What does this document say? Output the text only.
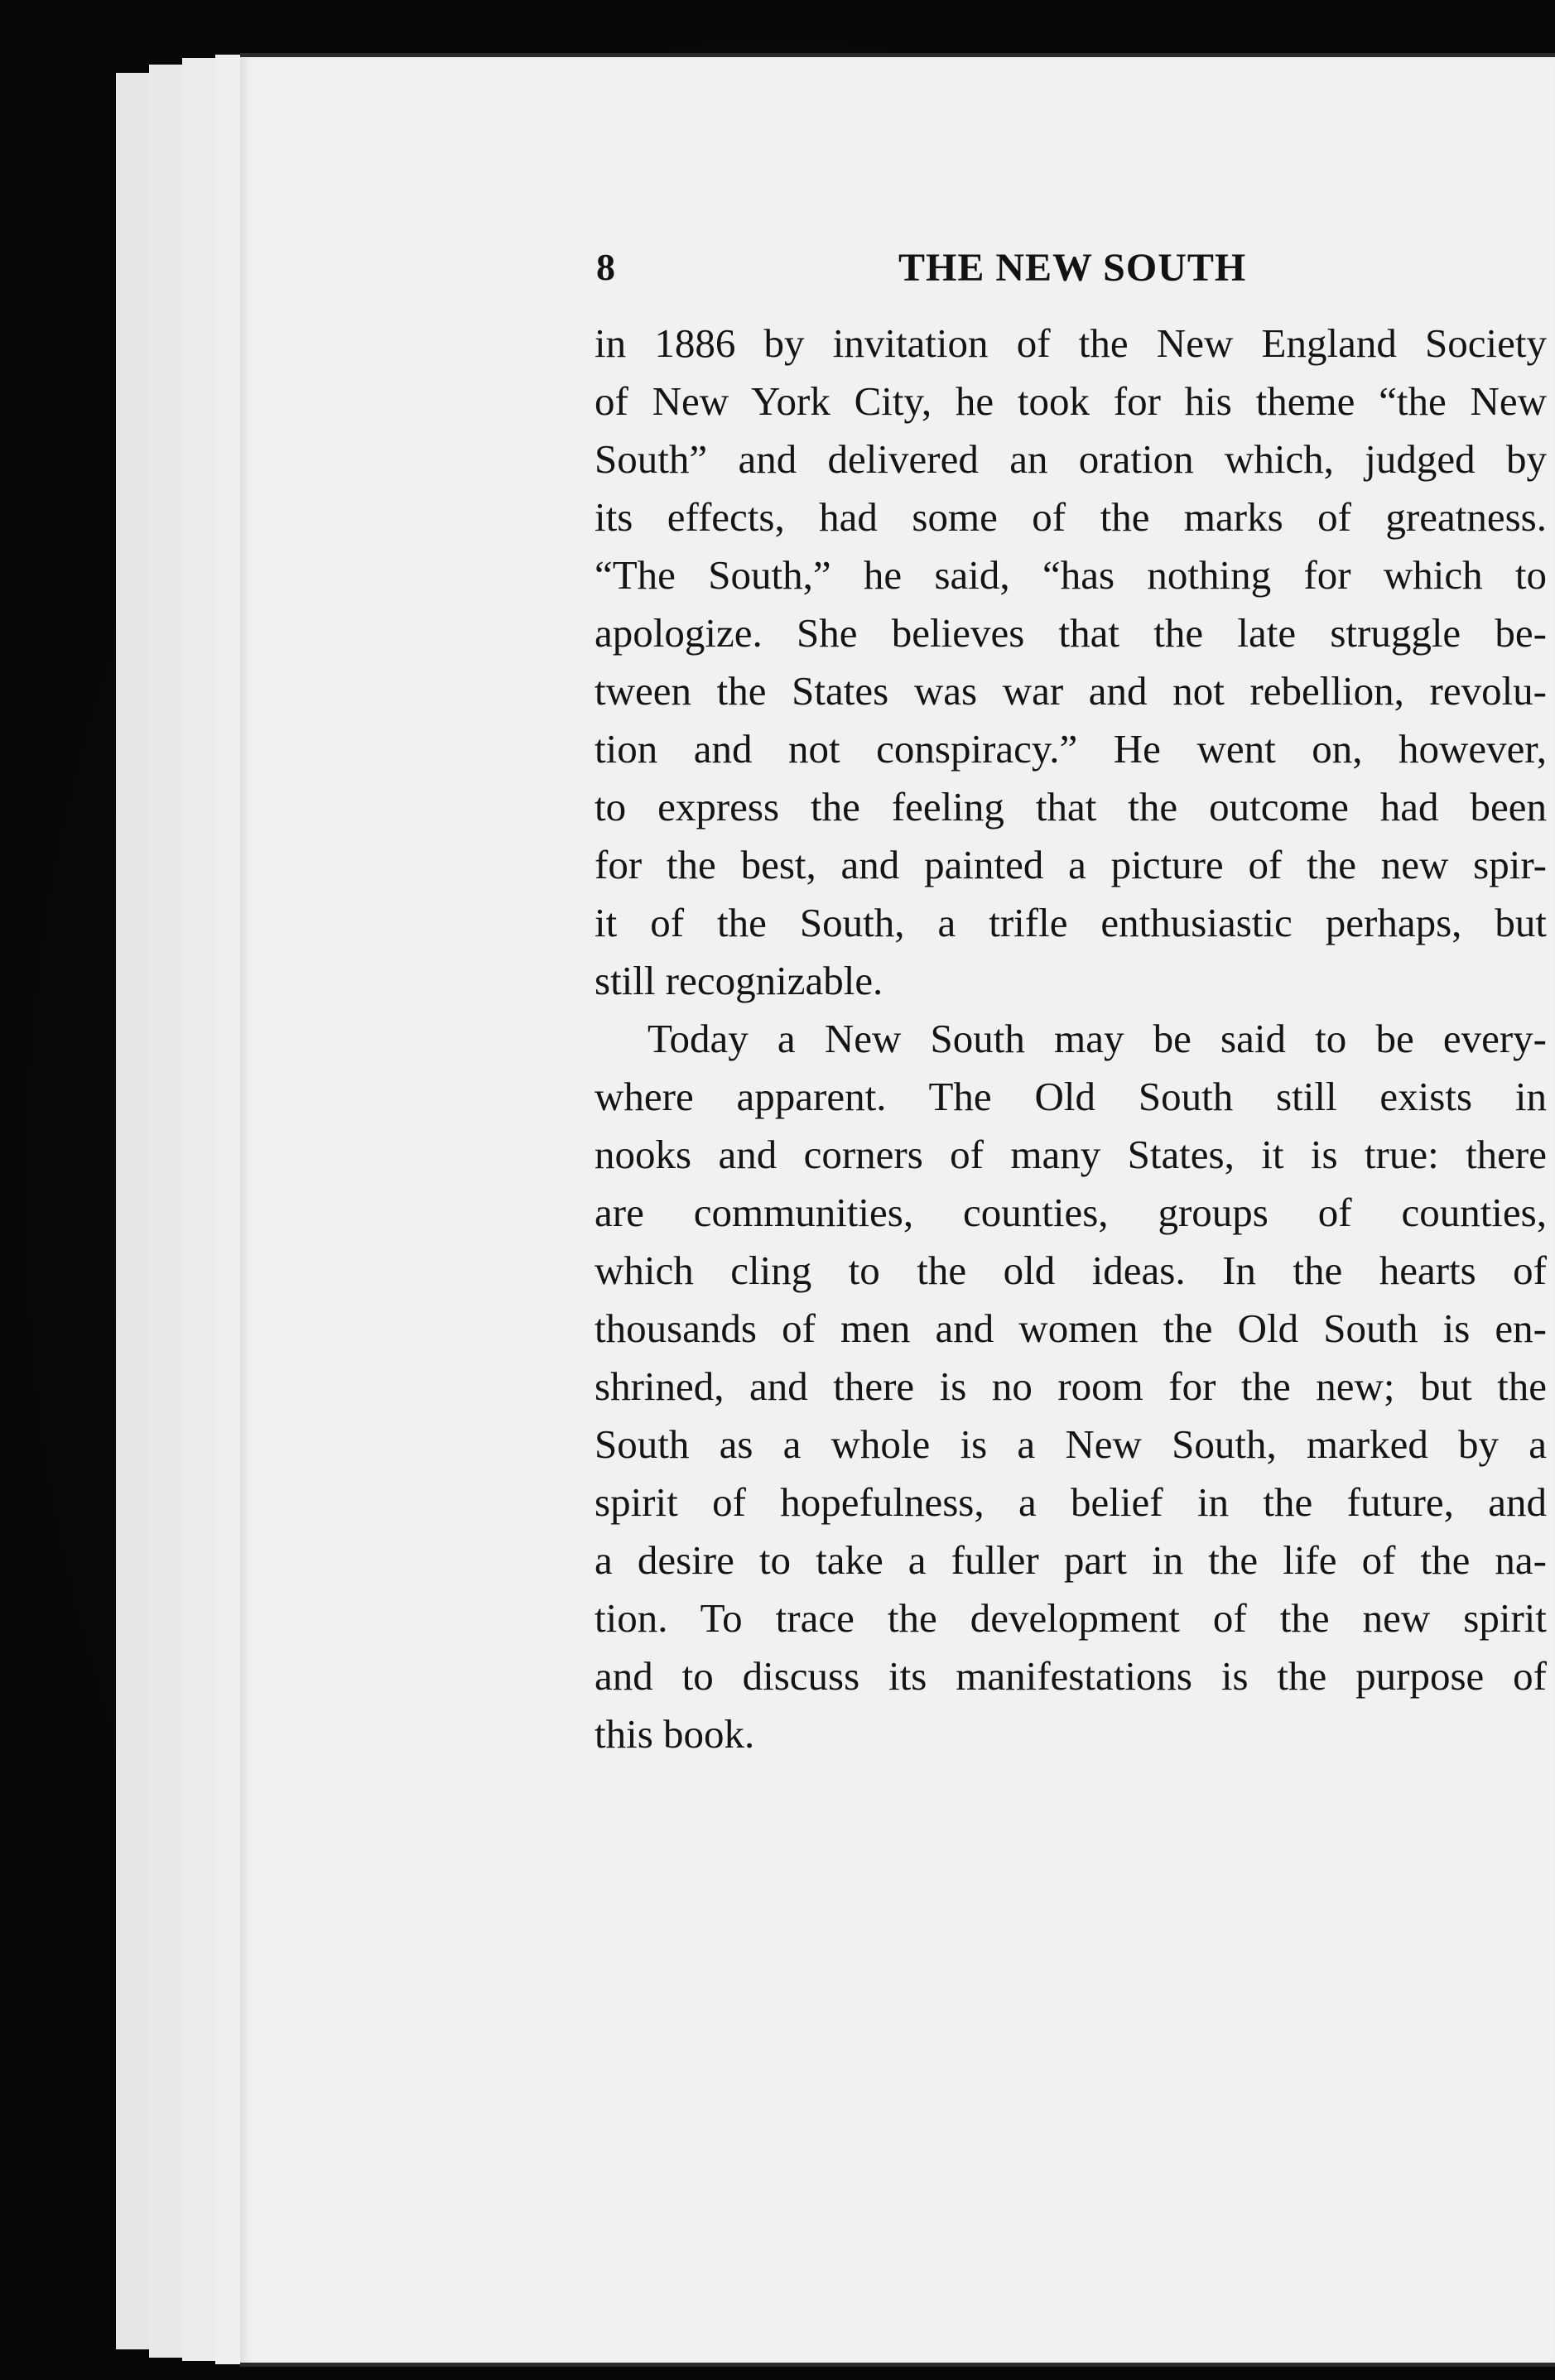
8	THE NEW SOUTH
in 1886 by invitation of the New England Society
of New York City, he took for his theme “the New
South” and delivered an oration which, judged by
its effects, had some of the marks of greatness.
“The South,” he said, “has nothing for which to
apologize. She believes that the late struggle be-
tween the States was war and not rebellion, revolu-
tion and not conspiracy.” He went on, however,
to express the feeling that the outcome had been
for the best, and painted a picture of the new spir-
it of the South, a trifle enthusiastic perhaps, but
still recognizable.
Today a New South may be said to be every-
where apparent. The Old South still exists in
nooks and corners of many States, it is true: there
are communities, counties, groups of counties,
which cling to the old ideas. In the hearts of
thousands of men and women the Old South is en-
shrined, and there is no room for the new; but the
South as a whole is a New South, marked by a
spirit of hopefulness, a belief in the future, and
a desire to take a fuller part in the life of the na-
tion. To trace the development of the new spirit
and to discuss its manifestations is the purpose of
this book.
